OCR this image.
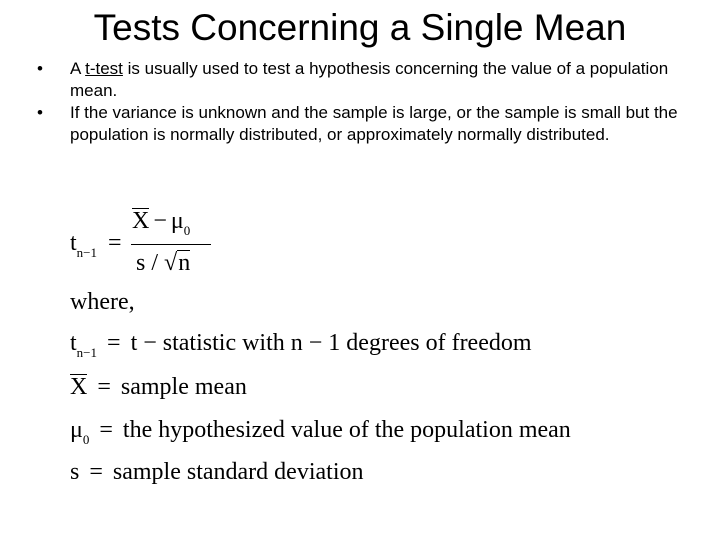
Tests Concerning a Single Mean
•	A t-test is usually used to test a hypothesis concerning the value of a population mean.
•	If the variance is unknown and the sample is large, or the sample is small but the population is normally distributed, or approximately normally distributed.
$t_{n-1}$ =
$X - \mu_0$
s / √n
where,
$t_{n-1} = t$ − statistic with n − 1 degrees of freedom
X = sample mean
$\mu_0$ = the hypothesized value of the population mean
s = sample standard deviation
